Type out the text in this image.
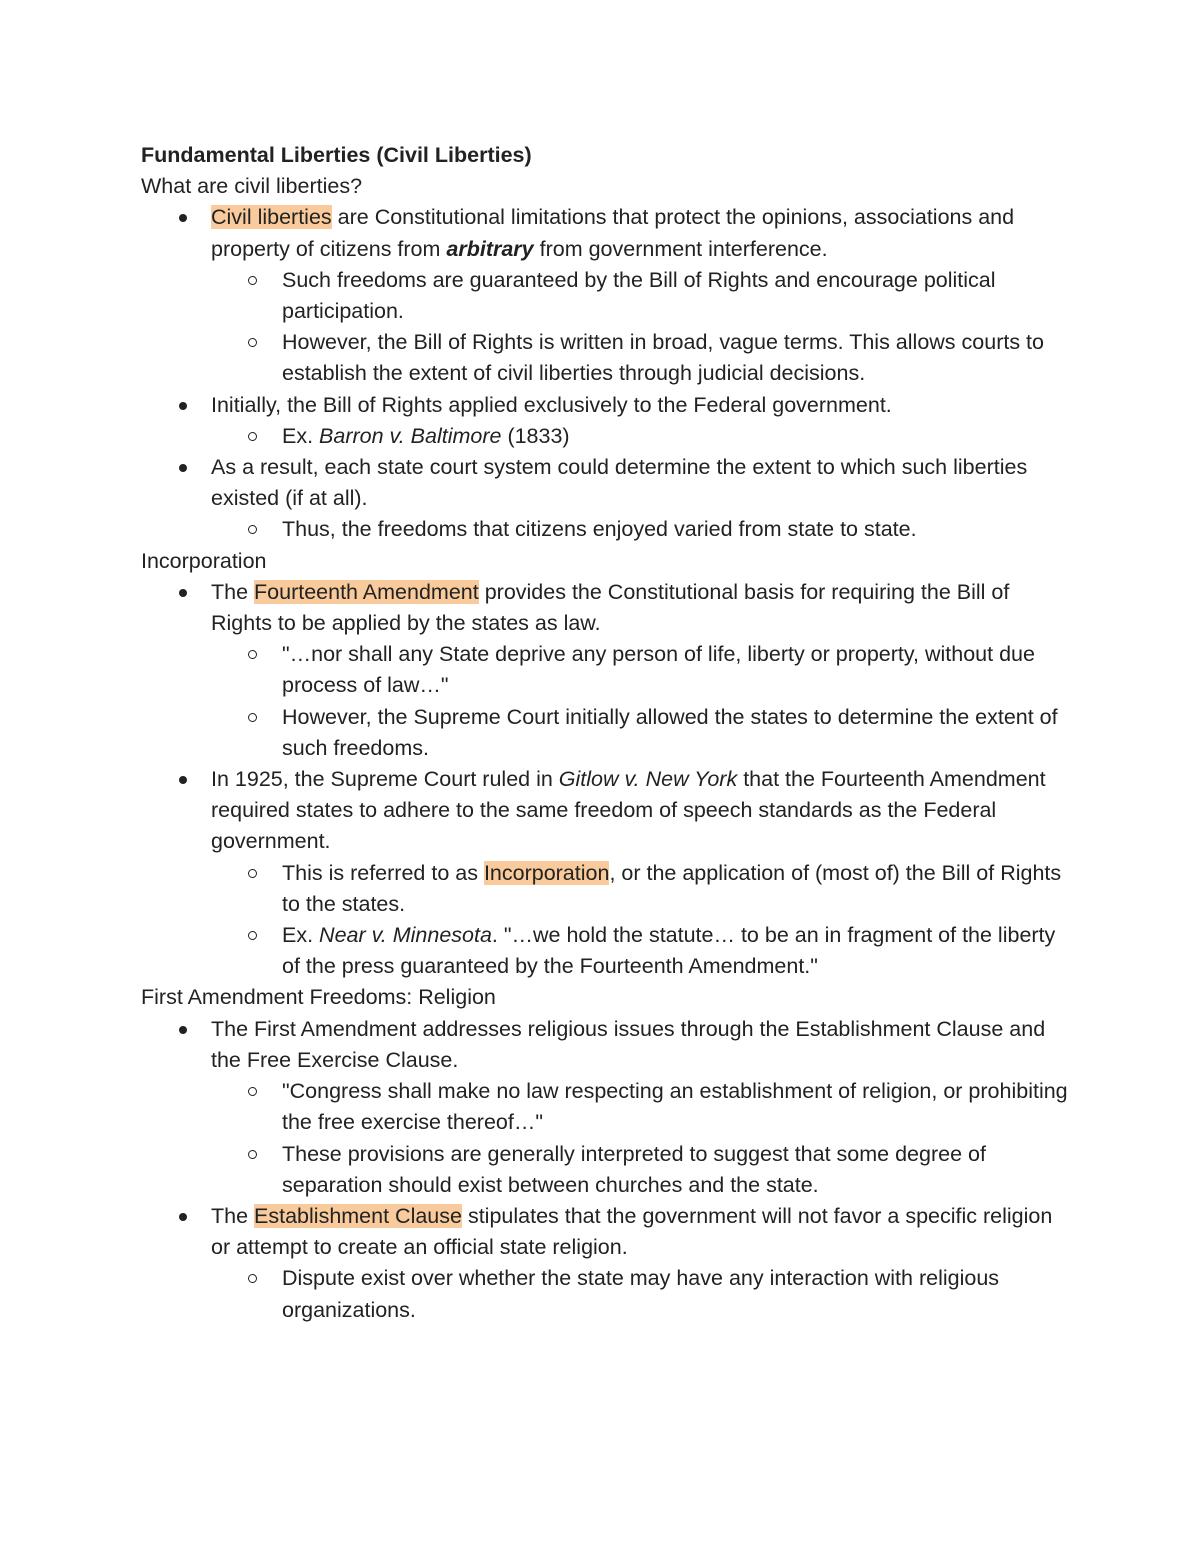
Fundamental Liberties (Civil Liberties)
What are civil liberties?
Civil liberties are Constitutional limitations that protect the opinions, associations and property of citizens from arbitrary from government interference.
Such freedoms are guaranteed by the Bill of Rights and encourage political participation.
However, the Bill of Rights is written in broad, vague terms. This allows courts to establish the extent of civil liberties through judicial decisions.
Initially, the Bill of Rights applied exclusively to the Federal government.
Ex. Barron v. Baltimore (1833)
As a result, each state court system could determine the extent to which such liberties existed (if at all).
Thus, the freedoms that citizens enjoyed varied from state to state.
Incorporation
The Fourteenth Amendment provides the Constitutional basis for requiring the Bill of Rights to be applied by the states as law.
"…nor shall any State deprive any person of life, liberty or property, without due process of law…"
However, the Supreme Court initially allowed the states to determine the extent of such freedoms.
In 1925, the Supreme Court ruled in Gitlow v. New York that the Fourteenth Amendment required states to adhere to the same freedom of speech standards as the Federal government.
This is referred to as Incorporation, or the application of (most of) the Bill of Rights to the states.
Ex. Near v. Minnesota. "…we hold the statute… to be an in fragment of the liberty of the press guaranteed by the Fourteenth Amendment."
First Amendment Freedoms: Religion
The First Amendment addresses religious issues through the Establishment Clause and the Free Exercise Clause.
"Congress shall make no law respecting an establishment of religion, or prohibiting the free exercise thereof…"
These provisions are generally interpreted to suggest that some degree of separation should exist between churches and the state.
The Establishment Clause stipulates that the government will not favor a specific religion or attempt to create an official state religion.
Dispute exist over whether the state may have any interaction with religious organizations.
